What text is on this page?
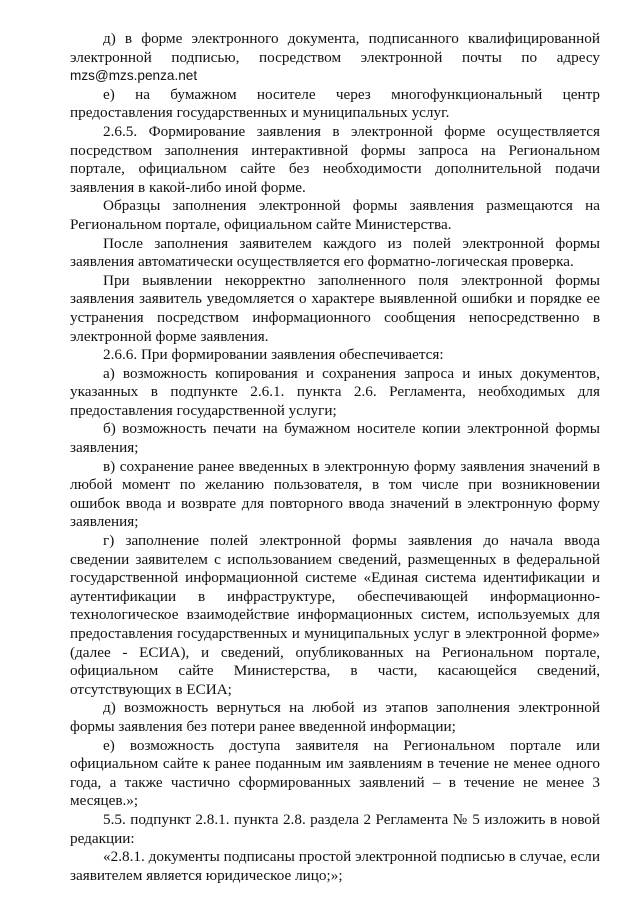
д) в форме электронного документа, подписанного квалифицированной электронной подписью, посредством электронной почты по адресу mzs@mzs.penza.net

е) на бумажном носителе через многофункциональный центр предоставления государственных и муниципальных услуг.

2.6.5. Формирование заявления в электронной форме осуществляется посредством заполнения интерактивной формы запроса на Региональном портале, официальном сайте без необходимости дополнительной подачи заявления в какой-либо иной форме.

Образцы заполнения электронной формы заявления размещаются на Региональном портале, официальном сайте Министерства.

После заполнения заявителем каждого из полей электронной формы заявления автоматически осуществляется его форматно-логическая проверка.

При выявлении некорректно заполненного поля электронной формы заявления заявитель уведомляется о характере выявленной ошибки и порядке ее устранения посредством информационного сообщения непосредственно в электронной форме заявления.

2.6.6. При формировании заявления обеспечивается:

а) возможность копирования и сохранения запроса и иных документов, указанных в подпункте 2.6.1. пункта 2.6. Регламента, необходимых для предоставления государственной услуги;

б) возможность печати на бумажном носителе копии электронной формы заявления;

в) сохранение ранее введенных в электронную форму заявления значений в любой момент по желанию пользователя, в том числе при возникновении ошибок ввода и возврате для повторного ввода значений в электронную форму заявления;

г) заполнение полей электронной формы заявления до начала ввода сведении заявителем с использованием сведений, размещенных в федеральной государственной информационной системе «Единая система идентификации и аутентификации в инфраструктуре, обеспечивающей информационно-технологическое взаимодействие информационных систем, используемых для предоставления государственных и муниципальных услуг в электронной форме» (далее - ЕСИА), и сведений, опубликованных на Региональном портале, официальном сайте Министерства, в части, касающейся сведений, отсутствующих в ЕСИА;

д) возможность вернуться на любой из этапов заполнения электронной формы заявления без потери ранее введенной информации;

е) возможность доступа заявителя на Региональном портале или официальном сайте к ранее поданным им заявлениям в течение не менее одного года, а также частично сформированных заявлений – в течение не менее 3 месяцев.»;

5.5. подпункт 2.8.1. пункта 2.8. раздела 2 Регламента № 5 изложить в новой редакции:

«2.8.1. документы подписаны простой электронной подписью в случае, если заявителем является юридическое лицо;»;
